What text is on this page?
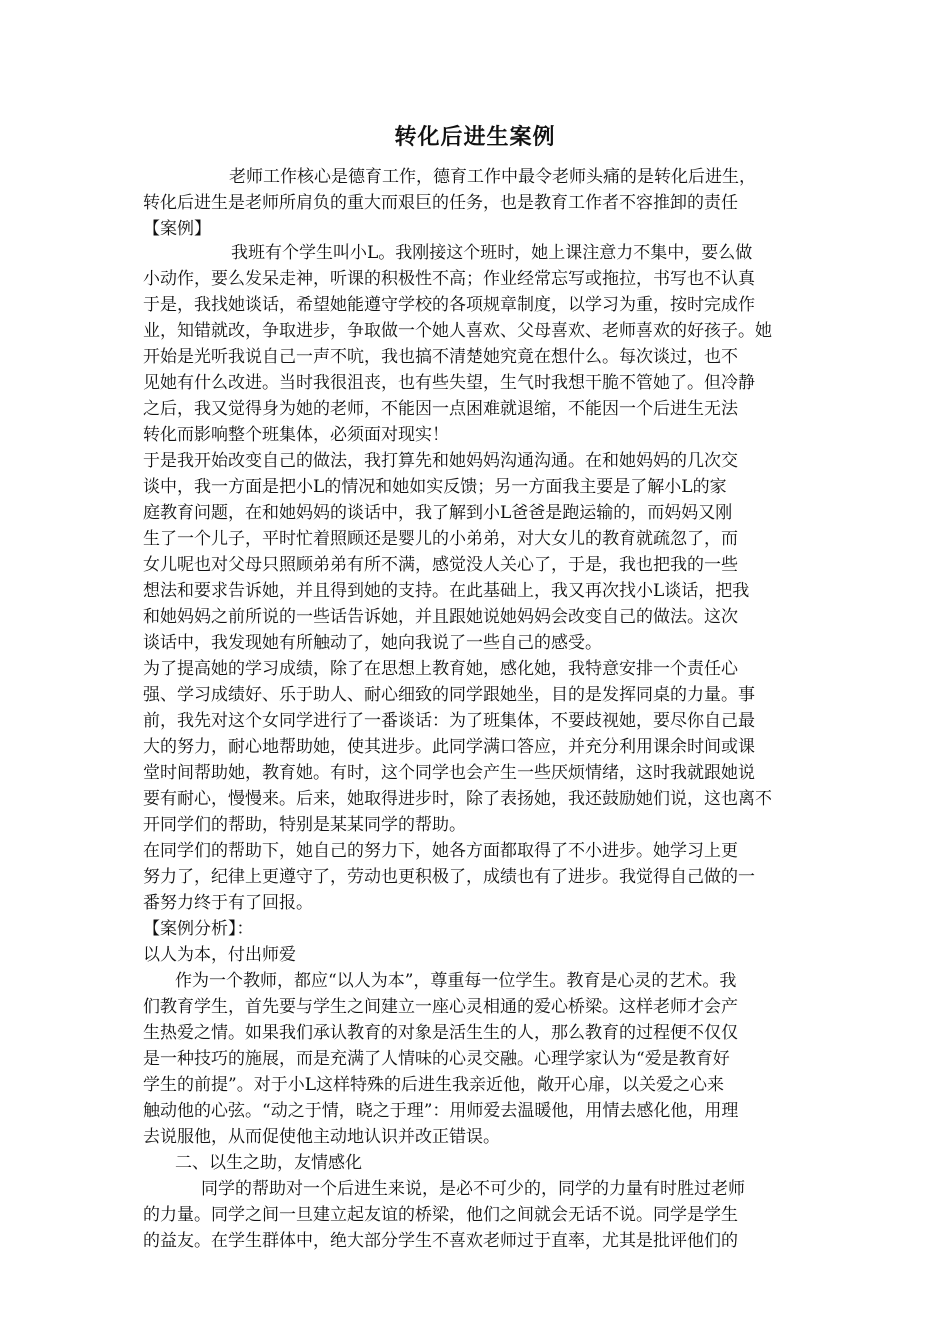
转化后进生案例
老师工作核心是德育工作，德育工作中最令老师头痛的是转化后进生，
转化后进生是老师所肩负的重大而艰巨的任务，也是教育工作者不容推卸的责任
【案例】
我班有个学生叫小L。我刚接这个班时，她上课注意力不集中，要么做
小动作，要么发呆走神，听课的积极性不高；作业经常忘写或拖拉，书写也不认真
于是，我找她谈话，希望她能遵守学校的各项规章制度，以学习为重，按时完成作
业，知错就改，争取进步，争取做一个她人喜欢、父母喜欢、老师喜欢的好孩子。她
开始是光听我说自己一声不吭，我也搞不清楚她究竟在想什么。每次谈过，也不
见她有什么改进。当时我很沮丧，也有些失望，生气时我想干脆不管她了。但冷静
之后，我又觉得身为她的老师，不能因一点困难就退缩，不能因一个后进生无法
转化而影响整个班集体，必须面对现实！
于是我开始改变自己的做法，我打算先和她妈妈沟通沟通。在和她妈妈的几次交
谈中，我一方面是把小L的情况和她如实反馈；另一方面我主要是了解小L的家
庭教育问题，在和她妈妈的谈话中，我了解到小L爸爸是跑运输的，而妈妈又刚
生了一个儿子，平时忙着照顾还是婴儿的小弟弟，对大女儿的教育就疏忽了，而
女儿呢也对父母只照顾弟弟有所不满，感觉没人关心了，于是，我也把我的一些
想法和要求告诉她，并且得到她的支持。在此基础上，我又再次找小L谈话，把我
和她妈妈之前所说的一些话告诉她，并且跟她说她妈妈会改变自己的做法。这次
谈话中，我发现她有所触动了，她向我说了一些自己的感受。
为了提高她的学习成绩，除了在思想上教育她，感化她，我特意安排一个责任心
强、学习成绩好、乐于助人、耐心细致的同学跟她坐，目的是发挥同桌的力量。事
前，我先对这个女同学进行了一番谈话：为了班集体，不要歧视她，要尽你自己最
大的努力，耐心地帮助她，使其进步。此同学满口答应，并充分利用课余时间或课
堂时间帮助她，教育她。有时，这个同学也会产生一些厌烦情绪，这时我就跟她说
要有耐心，慢慢来。后来，她取得进步时，除了表扬她，我还鼓励她们说，这也离不
开同学们的帮助，特别是某某同学的帮助。
在同学们的帮助下，她自己的努力下，她各方面都取得了不小进步。她学习上更
努力了，纪律上更遵守了，劳动也更积极了，成绩也有了进步。我觉得自己做的一
番努力终于有了回报。
【案例分析】：
以人为本，付出师爱
作为一个教师，都应“以人为本”，尊重每一位学生。教育是心灵的艺术。我
们教育学生，首先要与学生之间建立一座心灵相通的爱心桥梁。这样老师才会产
生热爱之情。如果我们承认教育的对象是活生生的人，那么教育的过程便不仅仅
是一种技巧的施展，而是充满了人情味的心灵交融。心理学家认为“爱是教育好
学生的前提”。对于小L这样特殊的后进生我亲近他，敞开心扉，以关爱之心来
触动他的心弦。“动之于情，晓之于理”：用师爱去温暖他，用情去感化他，用理
去说服他，从而促使他主动地认识并改正错误。
二、以生之助，友情感化
同学的帮助对一个后进生来说，是必不可少的，同学的力量有时胜过老师
的力量。同学之间一旦建立起友谊的桥梁，他们之间就会无话不说。同学是学生
的益友。在学生群体中，绝大部分学生不喜欢老师过于直率，尤其是批评他们的
